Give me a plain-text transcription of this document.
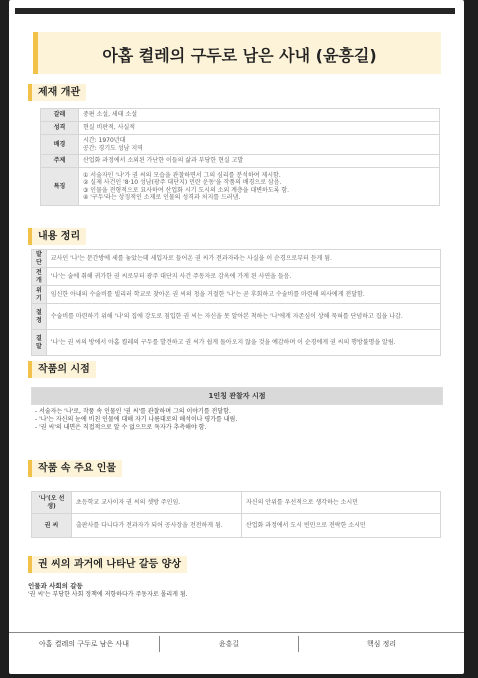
아홉 켤레의 구두로 남은 사내 (윤흥길)
제재 개관
갈래	중편 소설, 세태 소설
성격	현실 비판적, 사실적
배경	시간: 1970년대
공간: 경기도 성남 지역
주제	산업화 과정에서 소외된 가난한 이들의 삶과 부당한 현실 고발
특징	① 서술자인 '나'가 권 씨의 모습을 관찰하면서 그의 심리를 분석하여 제시함.
② 실제 사건인 '8·10 성남(광주 대단지) 민란 운동'을 작품의 배경으로 삼음.
③ 인물을 전형적으로 묘사하여 산업화 시기 도시의 소외 계층을 대변하도록 함.
④ '구두'라는 상징적인 소재로 인물의 성격과 처지를 드러냄.
내용 정리
발단	교사인 '나'는 문간방에 세를 놓았는데 세입자로 들어온 권 씨가 전과자라는 사실을 이 순경으로부터 듣게 됨.
전개	'나'는 술에 취해 귀가한 권 씨로부터 광주 대단지 사건 주동자로 감옥에 가게 된 사연을 들음.
위기	임신한 아내의 수술비를 빌리러 학교로 찾아온 권 씨의 청을 거절한 '나'는 곧 후회하고 수술비를 마련해 의사에게 전달함.
절정	수술비를 마련하기 위해 '나'의 집에 강도로 침입한 권 씨는 자신을 못 알아본 척하는 '나'에게 자존심이 상해 묵혀를 단념하고 집을 나감.
결말	'나'는 권 씨의 방에서 아홉 켤레의 구두를 발견하고 권 씨가 쉽게 돌아오지 않을 것을 예감하며 이 순경에게 권 씨의 행방불명을 알림.
작품의 시점
1인칭 관찰자 시점
- 서술자는 '나'로, 작품 속 인물인 '권 씨'를 관찰하며 그의 이야기를 전달함.
- '나'는 자신의 눈에 비친 인물에 대해 자기 나름대로의 해석이나 평가를 내림.
- '권 씨'의 내면은 직접적으로 알 수 없으므로 독자가 추측해야 함.
작품 속 주요 인물
'나'(오 선생)	초등학교 교사이자 권 씨의 셋방 주인임.	자신의 안위를 우선적으로 생각하는 소시민
권 씨	출판사를 다니다가 전과자가 되어 공사장을 전전하게 됨.	산업화 과정에서 도시 빈민으로 전락한 소시민
권 씨의 과거에 나타난 갈등 양상
인물과 사회의 갈등
'권 씨'는 부당한 사회 정책에 저항하다가 주동자로 몰리게 됨.
아홉 켤레의 구두로 남은 사내	윤흥길	핵심 정리
